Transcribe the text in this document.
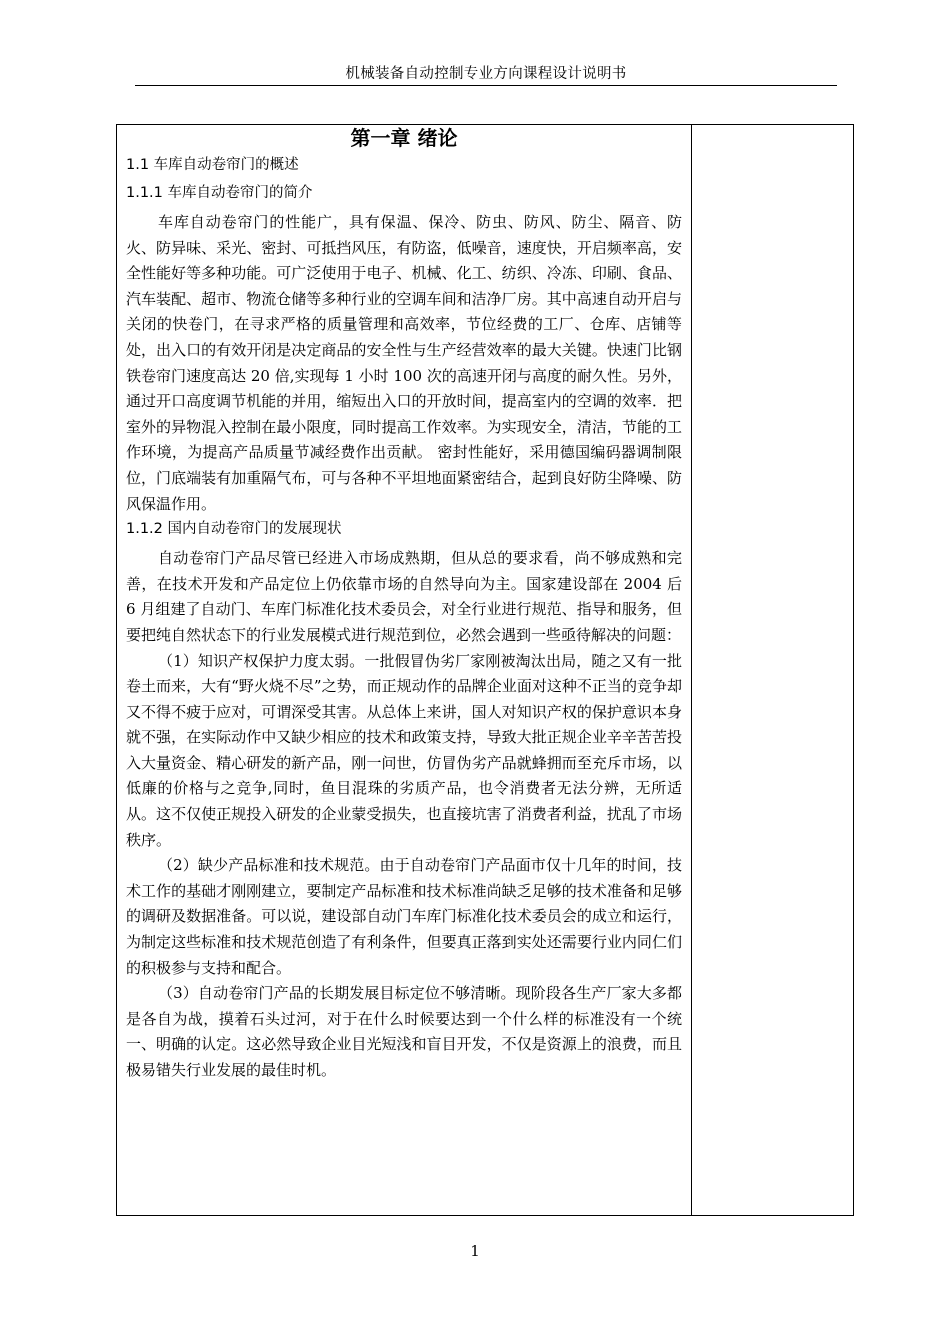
机械装备自动控制专业方向课程设计说明书
第一章 绪论
1.1 车库自动卷帘门的概述
1.1.1 车库自动卷帘门的简介

车库自动卷帘门的性能广，具有保温、保冷、防虫、防风、防尘、隔音、防火、防异味、采光、密封、可抵挡风压，有防盗，低噪音，速度快，开启频率高，安全性能好等多种功能。可广泛使用于电子、机械、化工、纺织、冷冻、印刷、食品、汽车装配、超市、物流仓储等多种行业的空调车间和洁净厂房。其中高速自动开启与关闭的快卷门，在寻求严格的质量管理和高效率，节位经费的工厂、仓库、店铺等处，出入口的有效开闭是决定商品的安全性与生产经营效率的最大关键。快速门比钢铁卷帘门速度高达 20 倍,实现每 1 小时 100 次的高速开闭与高度的耐久性。另外，通过开口高度调节机能的并用，缩短出入口的开放时间，提高室内的空调的效率．把室外的异物混入控制在最小限度，同时提高工作效率。为实现安全，清洁，节能的工作环境，为提高产品质量节减经费作出贡献。 密封性能好，采用德国编码器调制限位，门底端装有加重隔气布，可与各种不平坦地面紧密结合，起到良好防尘降噪、防风保温作用。

1.1.2 国内自动卷帘门的发展现状

自动卷帘门产品尽管已经进入市场成熟期，但从总的要求看，尚不够成熟和完善，在技术开发和产品定位上仍依靠市场的自然导向为主。国家建设部在 2004 后 6 月组建了自动门、车库门标准化技术委员会，对全行业进行规范、指导和服务，但要把纯自然状态下的行业发展模式进行规范到位，必然会遇到一些亟待解决的问题：

（1）知识产权保护力度太弱。一批假冒伪劣厂家刚被淘汰出局，随之又有一批卷土而来，大有“野火烧不尽”之势，而正规动作的品牌企业面对这种不正当的竞争却又不得不疲于应对，可谓深受其害。从总体上来讲，国人对知识产权的保护意识本身就不强，在实际动作中又缺少相应的技术和政策支持，导致大批正规企业辛辛苦苦投入大量资金、精心研发的新产品，刚一问世，仿冒伪劣产品就蜂拥而至充斥市场，以低廉的价格与之竞争,同时，鱼目混珠的劣质产品，也令消费者无法分辨，无所适从。这不仅使正规投入研发的企业蒙受损失，也直接坑害了消费者利益，扰乱了市场秩序。

（2）缺少产品标准和技术规范。由于自动卷帘门产品面市仅十几年的时间，技术工作的基础才刚刚建立，要制定产品标准和技术标准尚缺乏足够的技术准备和足够的调研及数据准备。可以说，建设部自动门车库门标准化技术委员会的成立和运行，为制定这些标准和技术规范创造了有利条件，但要真正落到实处还需要行业内同仁们的积极参与支持和配合。

（3）自动卷帘门产品的长期发展目标定位不够清晰。现阶段各生产厂家大多都是各自为战，摸着石头过河，对于在什么时候要达到一个什么样的标准没有一个统一、明确的认定。这必然导致企业目光短浅和盲目开发，不仅是资源上的浪费，而且极易错失行业发展的最佳时机。

1
